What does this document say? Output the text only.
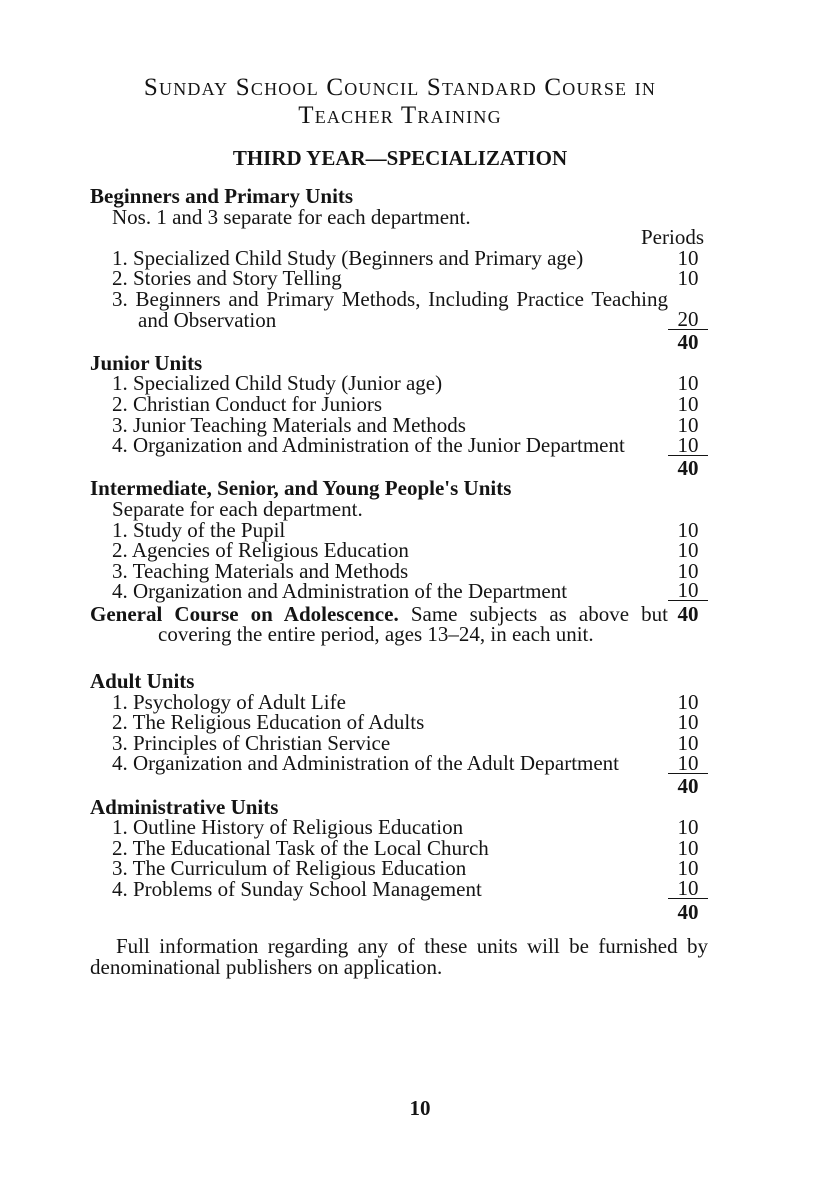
Sunday School Council Standard Course in
Teacher Training
THIRD YEAR—SPECIALIZATION
Beginners and Primary Units
Nos. 1 and 3 separate for each department.
Periods
1. Specialized Child Study (Beginners and Primary age)	10
2. Stories and Story Telling	10
3. Beginners and Primary Methods, Including Practice Teaching and Observation	20
40
Junior Units
1. Specialized Child Study (Junior age)	10
2. Christian Conduct for Juniors	10
3. Junior Teaching Materials and Methods	10
4. Organization and Administration of the Junior Department	10
40
Intermediate, Senior, and Young People's Units
Separate for each department.
1. Study of the Pupil	10
2. Agencies of Religious Education	10
3. Teaching Materials and Methods	10
4. Organization and Administration of the Department	10
General Course on Adolescence. Same subjects as above but covering the entire period, ages 13–24, in each unit.
40
Adult Units
1. Psychology of Adult Life	10
2. The Religious Education of Adults	10
3. Principles of Christian Service	10
4. Organization and Administration of the Adult Department	10
40
Administrative Units
1. Outline History of Religious Education	10
2. The Educational Task of the Local Church	10
3. The Curriculum of Religious Education	10
4. Problems of Sunday School Management	10
40
Full information regarding any of these units will be furnished by denominational publishers on application.
10
